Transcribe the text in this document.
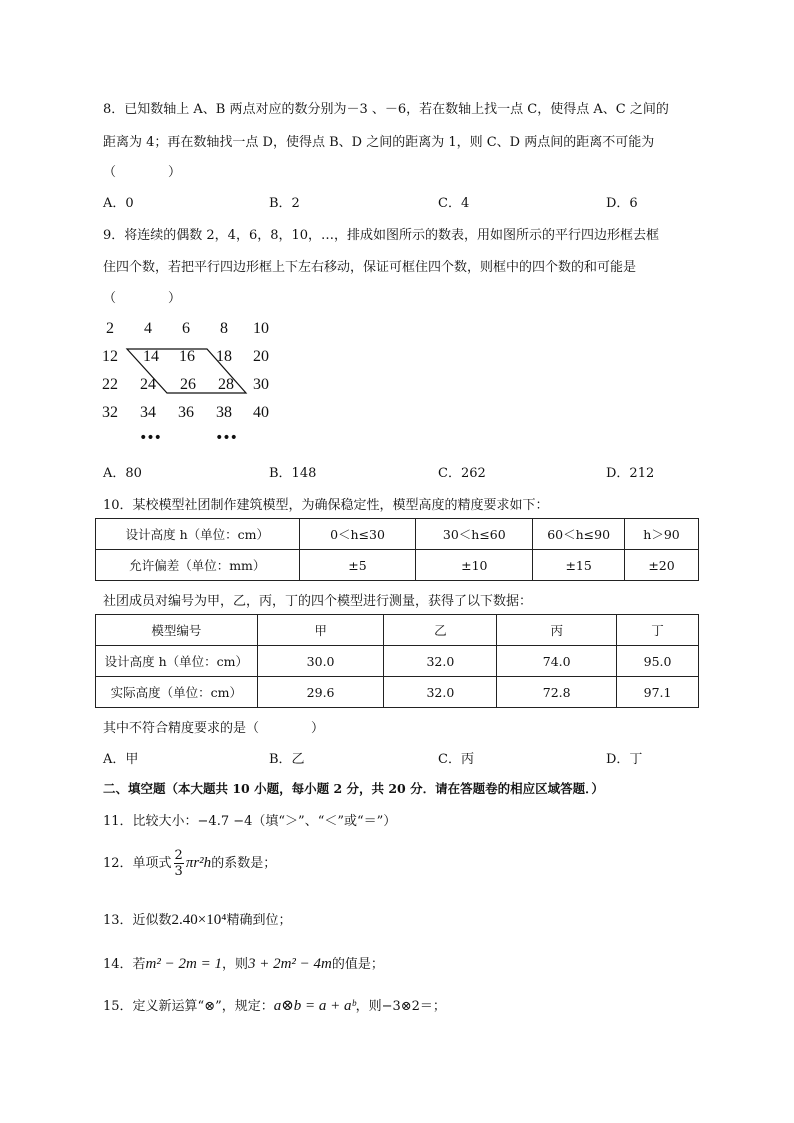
8．已知数轴上 A、B 两点对应的数分别为－3 、－6，若在数轴上找一点 C，使得点 A、C 之间的
距离为 4；再在数轴找一点 D，使得点 B、D 之间的距离为 1，则 C、D 两点间的距离不可能为
（　　　　）
A．0	B．2	C．4	D．6
9．将连续的偶数 2，4，6，8，10，…，排成如图所示的数表，用如图所示的平行四边形框去框
住四个数，若把平行四边形框上下左右移动，保证可框住四个数，则框中的四个数的和可能是
（　　　　）
2	4	6	8	10
12	14	16	18	20
22	24	26	28	30
32	34	36	38	40
•••	•••
A．80	B．148	C．262	D．212
10．某校模型社团制作建筑模型，为确保稳定性，模型高度的精度要求如下：
设计高度 h（单位：cm）	0＜h≤30	30＜h≤60	60＜h≤90	h＞90
允许偏差（单位：mm）	±5	±10	±15	±20
社团成员对编号为甲，乙，丙，丁的四个模型进行测量，获得了以下数据：
模型编号	甲	乙	丙	丁
设计高度 h（单位：cm）	30.0	32.0	74.0	95.0
实际高度（单位：cm）	29.6	32.0	72.8	97.1
其中不符合精度要求的是（　　　　）
A．甲	B．乙	C．丙	D．丁
二、填空题（本大题共 10 小题，每小题 2 分，共 20 分．请在答题卷的相应区域答题．）
11．比较大小：−4.7 −4（填“＞”、“＜”或“＝”）
12．单项式 $\frac{2}{3} \pi r^2h$的系数是；
13．近似数2.40×10⁴精确到位；
14．若m² − 2m = 1，则3 + 2m² − 4m的值是；
15．定义新运算“⊗”，规定：a⊗b = a + aᵇ，则−3⊗2＝；
